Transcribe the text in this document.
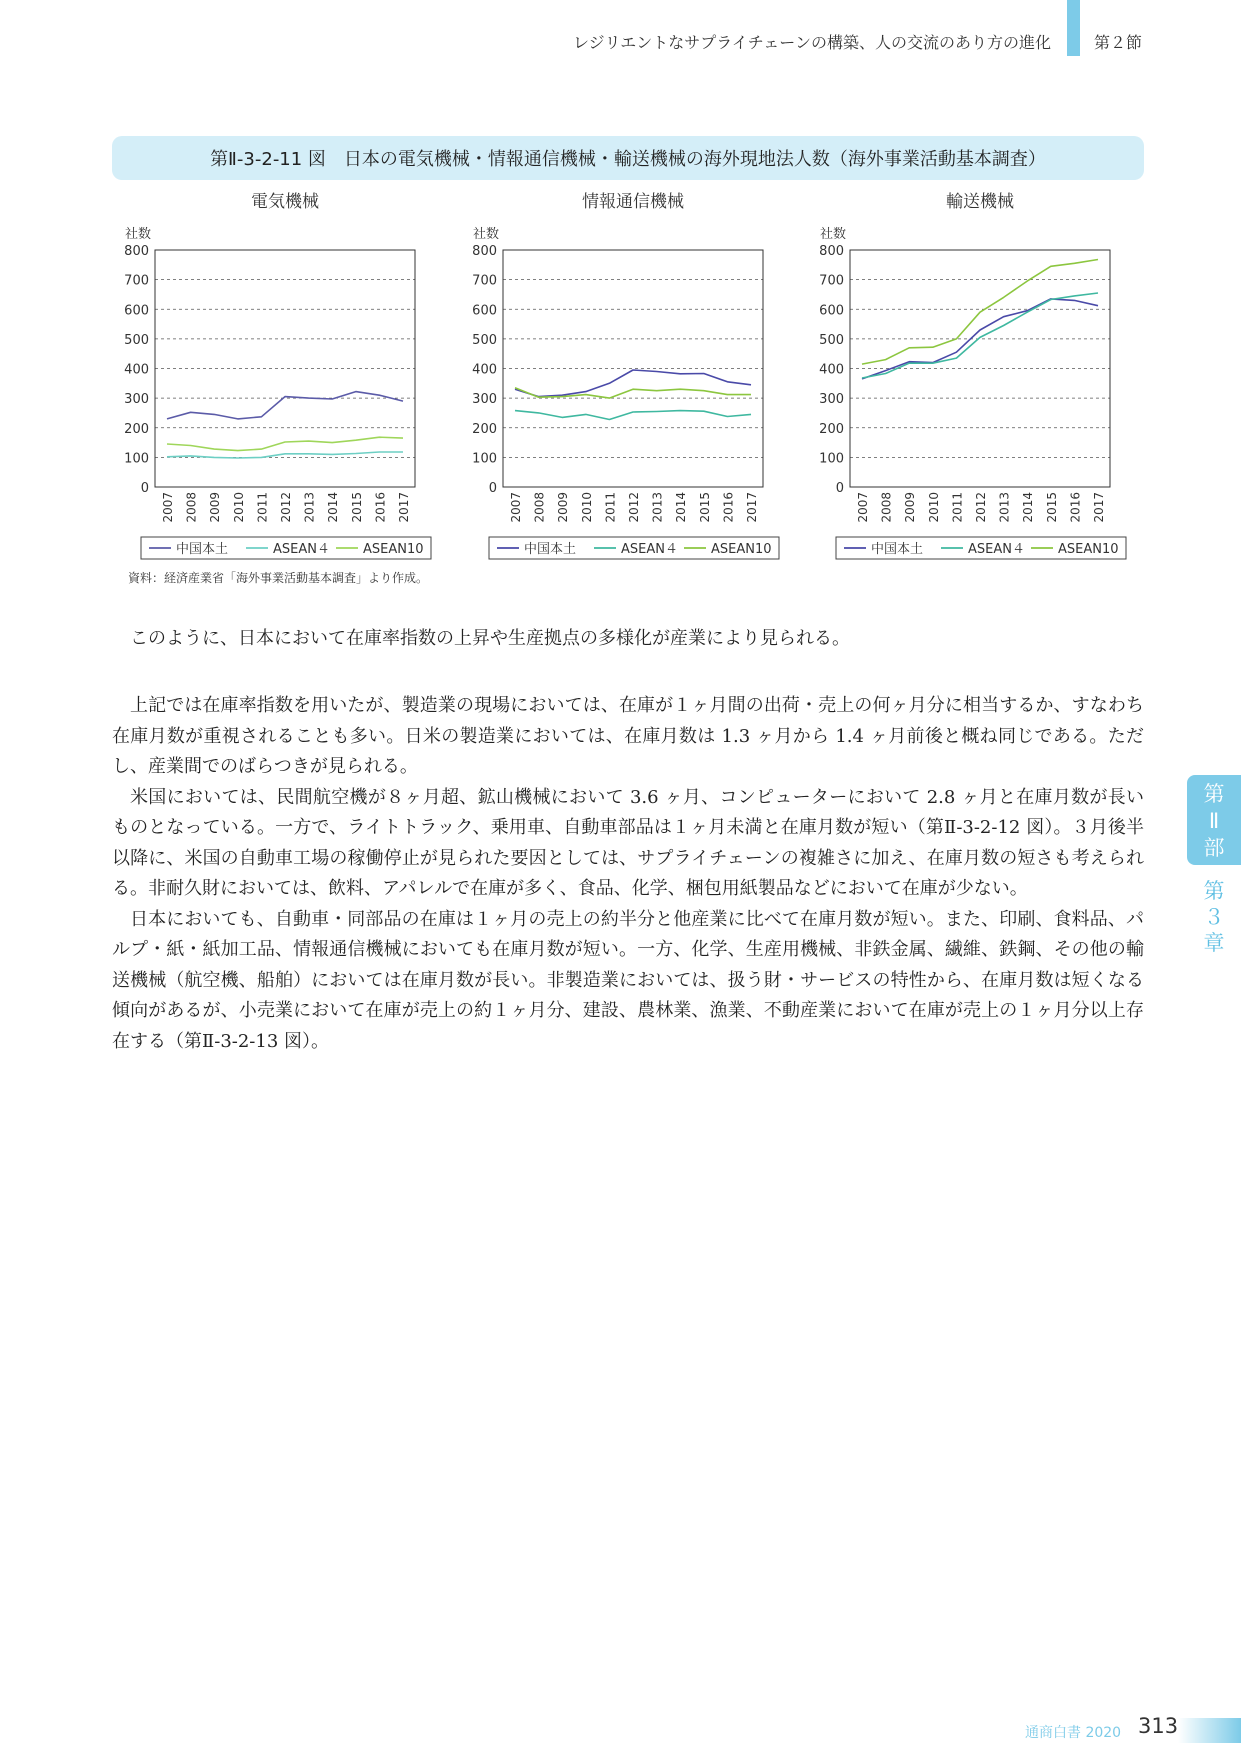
レジリエントなサプライチェーンの構築、人の交流のあり方の進化	第２節
第Ⅱ-3-2-11 図　日本の電気機械・情報通信機械・輸送機械の海外現地法人数（海外事業活動基本調査）
電気機械
社数
0
100
200
300
400
500
600
700
800
2007 2008 2009 2010 2011 2012 2013 2014 2015 2016 2017
中国本土	ASEAN４	ASEAN10
情報通信機械
社数
0
100
200
300
400
500
600
700
800
2007 2008 2009 2010 2011 2012 2013 2014 2015 2016 2017
中国本土	ASEAN４	ASEAN10
輸送機械
社数
0
100
200
300
400
500
600
700
800
2007 2008 2009 2010 2011 2012 2013 2014 2015 2016 2017
中国本土	ASEAN４	ASEAN10
資料：経済産業省「海外事業活動基本調査」より作成。

このように、日本において在庫率指数の上昇や生産拠点の多様化が産業により見られる。

上記では在庫率指数を用いたが、製造業の現場においては、在庫が１ヶ月間の出荷・売上の何ヶ月分に相当するか、すなわち在庫月数が重視されることも多い。日米の製造業においては、在庫月数は 1.3 ヶ月から 1.4 ヶ月前後と概ね同じである。ただし、産業間でのばらつきが見られる。

米国においては、民間航空機が８ヶ月超、鉱山機械において 3.6 ヶ月、コンピューターにおいて 2.8 ヶ月と在庫月数が長いものとなっている。一方で、ライトトラック、乗用車、自動車部品は１ヶ月未満と在庫月数が短い（第Ⅱ-3-2-12 図）。３月後半以降に、米国の自動車工場の稼働停止が見られた要因としては、サプライチェーンの複雑さに加え、在庫月数の短さも考えられる。非耐久財においては、飲料、アパレルで在庫が多く、食品、化学、梱包用紙製品などにおいて在庫が少ない。

日本においても、自動車・同部品の在庫は１ヶ月の売上の約半分と他産業に比べて在庫月数が短い。また、印刷、食料品、パルプ・紙・紙加工品、情報通信機械においても在庫月数が短い。一方、化学、生産用機械、非鉄金属、繊維、鉄鋼、その他の輸送機械（航空機、船舶）においては在庫月数が長い。非製造業においては、扱う財・サービスの特性から、在庫月数は短くなる傾向があるが、小売業において在庫が売上の約１ヶ月分、建設、農林業、漁業、不動産業において在庫が売上の１ヶ月分以上存在する（第Ⅱ-3-2-13 図）。

第
Ⅱ
部
第
３
章
通商白書 2020 313
